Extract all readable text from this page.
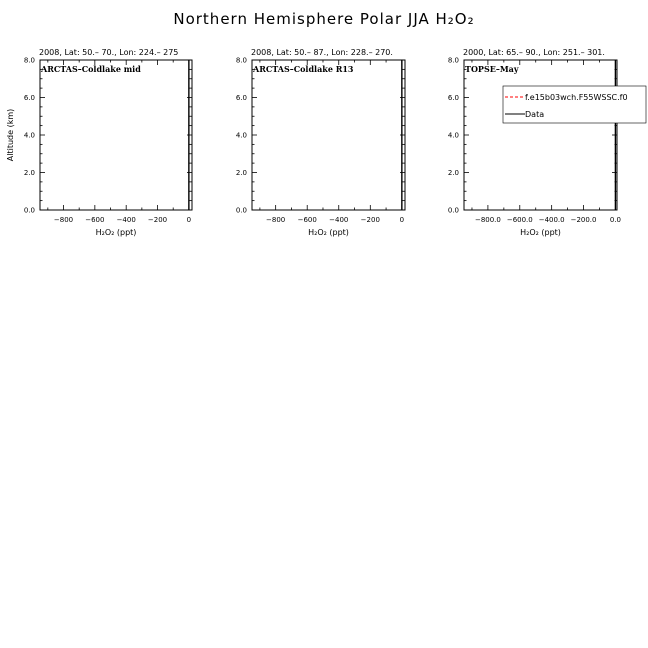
Northern Hemisphere Polar JJA H₂O₂
2008, Lat: 50.– 70., Lon: 224.– 275
ARCTAS–Coldlake mid
0.0
2.0
4.0
6.0
8.0
−800 −600 −400 −200	0
H₂O₂ (ppt)
Altitude (km)
2008, Lat: 50.– 87., Lon: 228.– 270.
ARCTAS–Coldlake R13
0.0
2.0
4.0
6.0
8.0
−800 −600 −400 −200	0
H₂O₂ (ppt)
2000, Lat: 65.– 90., Lon: 251.– 301.
TOPSE–May
0.0
2.0
4.0
6.0
8.0
−800.0 −600.0 −400.0 −200.0 0.0
H₂O₂ (ppt)
f.e15b03wch.F55WSSC.f0
Data
